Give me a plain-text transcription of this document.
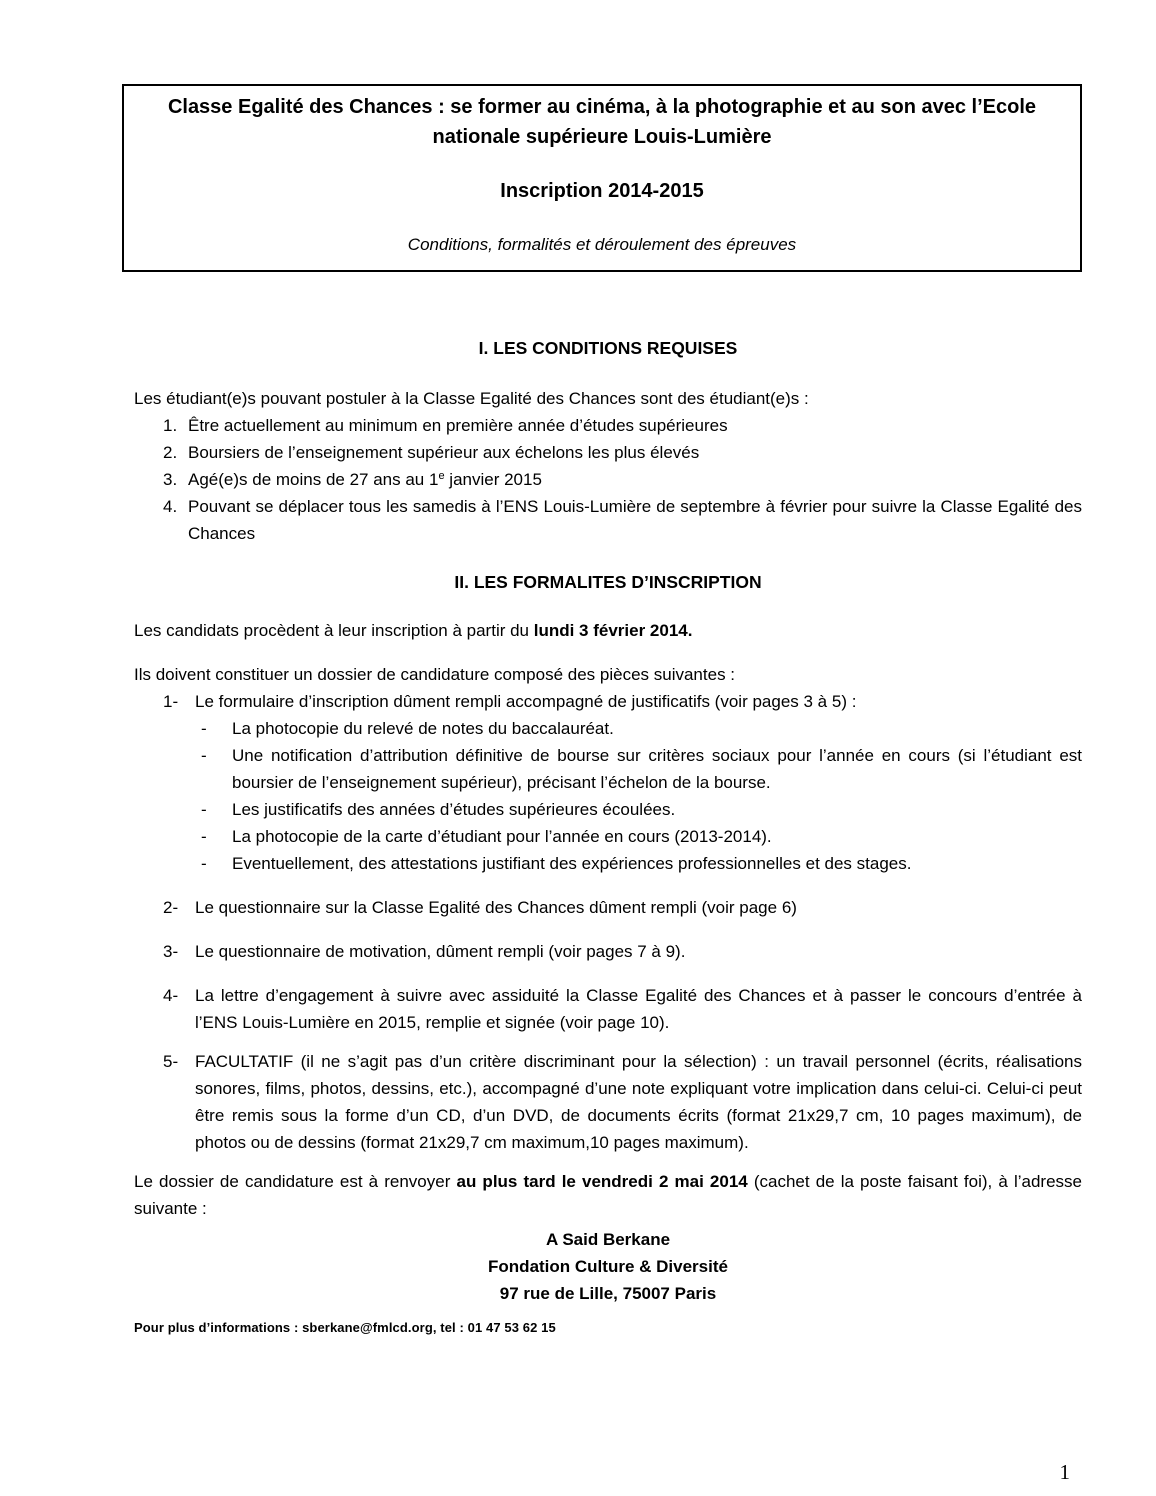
Classe Egalité des Chances : se former au cinéma, à la photographie et au son avec l’Ecole nationale supérieure Louis-Lumière
Inscription 2014-2015
Conditions, formalités et déroulement des épreuves
I. LES CONDITIONS REQUISES

Les étudiant(e)s pouvant postuler à la Classe Egalité des Chances sont des étudiant(e)s :

1. Être actuellement au minimum en première année d’études supérieures
2. Boursiers de l’enseignement supérieur aux échelons les plus élevés
3. Agé(e)s de moins de 27 ans au 1e janvier 2015
4. Pouvant se déplacer tous les samedis à l’ENS Louis-Lumière de septembre à février pour suivre la Classe Egalité des Chances
II. LES FORMALITES D’INSCRIPTION

Les candidats procèdent à leur inscription à partir du lundi 3 février 2014.

Ils doivent constituer un dossier de candidature composé des pièces suivantes :

1- Le formulaire d’inscription dûment rempli accompagné de justificatifs (voir pages 3 à 5) :
-	La photocopie du relevé de notes du baccalauréat.
-	Une notification d’attribution définitive de bourse sur critères sociaux pour l’année en cours (si l’étudiant est boursier de l’enseignement supérieur), précisant l’échelon de la bourse.
-	Les justificatifs des années d’études supérieures écoulées.
-	La photocopie de la carte d’étudiant pour l’année en cours (2013-2014).
-	Eventuellement, des attestations justifiant des expériences professionnelles et des stages.
2- Le questionnaire sur la Classe Egalité des Chances dûment rempli (voir page 6)
3- Le questionnaire de motivation, dûment rempli (voir pages 7 à 9).
4- La lettre d’engagement à suivre avec assiduité la Classe Egalité des Chances et à passer le concours d’entrée à l’ENS Louis-Lumière en 2015, remplie et signée (voir page 10).
5- FACULTATIF (il ne s’agit pas d’un critère discriminant pour la sélection) : un travail personnel (écrits, réalisations sonores, films, photos, dessins, etc.), accompagné d’une note expliquant votre implication dans celui-ci. Celui-ci peut être remis sous la forme d’un CD, d’un DVD, de documents écrits (format 21x29,7 cm, 10 pages maximum), de photos ou de dessins (format 21x29,7 cm maximum,10 pages maximum).

Le dossier de candidature est à renvoyer au plus tard le vendredi 2 mai 2014 (cachet de la poste faisant foi), à l’adresse suivante :

A Said Berkane
Fondation Culture & Diversité
97 rue de Lille, 75007 Paris

Pour plus d’informations : sberkane@fmlcd.org, tel : 01 47 53 62 15

1
